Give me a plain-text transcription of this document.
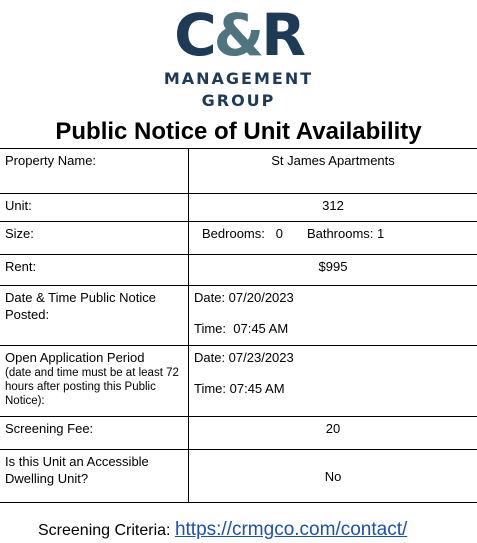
C&R
MANAGEMENT
GROUP
Public Notice of Unit Availability
Property Name:	St James Apartments
Unit:	312
Size:	Bedrooms:   0 Bathrooms: 1
Rent:	$995
Date & Time Public Notice Posted:	Date: 07/20/2023
Time:  07:45 AM

Open Application Period
(date and time must be at least 72 hours after posting this Public Notice):	Date: 07/23/2023
Time: 07:45 AM
Screening Fee:	20
Is this Unit an Accessible Dwelling Unit?	No
Screening Criteria: https://crmgco.com/contact/
